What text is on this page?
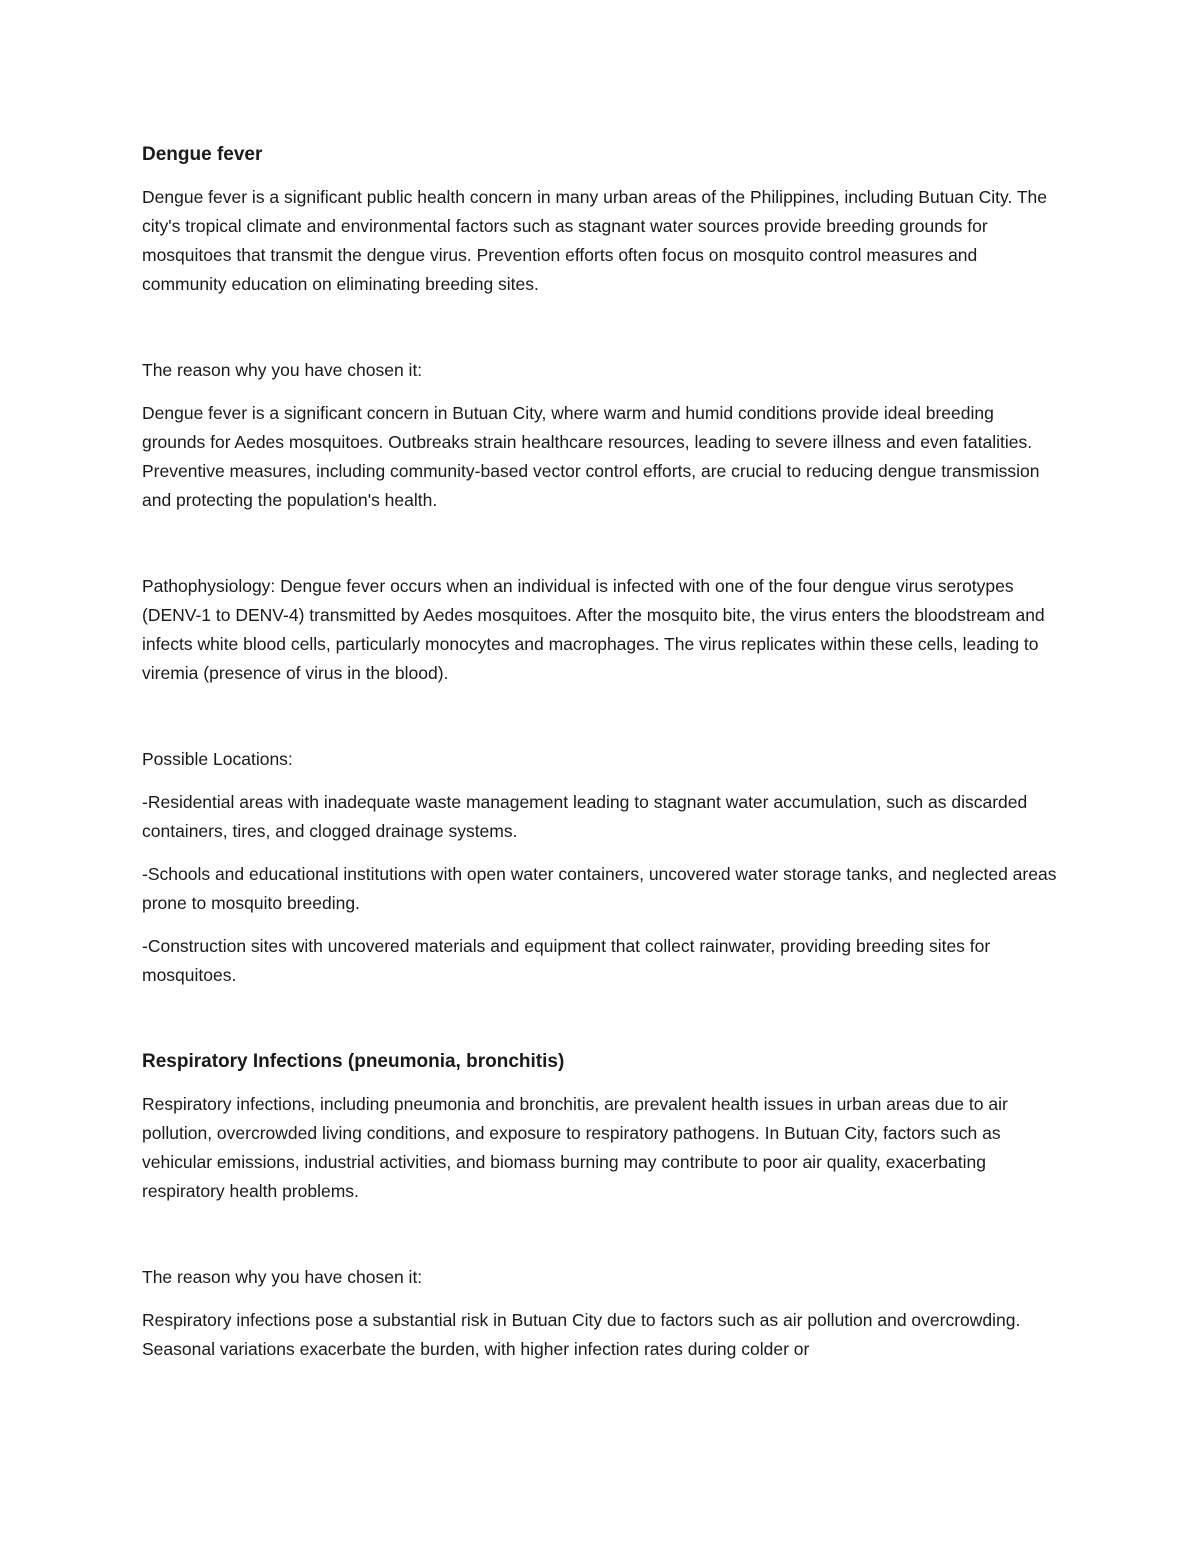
Dengue fever
Dengue fever is a significant public health concern in many urban areas of the Philippines, including Butuan City. The city's tropical climate and environmental factors such as stagnant water sources provide breeding grounds for mosquitoes that transmit the dengue virus. Prevention efforts often focus on mosquito control measures and community education on eliminating breeding sites.
The reason why you have chosen it:
Dengue fever is a significant concern in Butuan City, where warm and humid conditions provide ideal breeding grounds for Aedes mosquitoes. Outbreaks strain healthcare resources, leading to severe illness and even fatalities. Preventive measures, including community-based vector control efforts, are crucial to reducing dengue transmission and protecting the population's health.
Pathophysiology: Dengue fever occurs when an individual is infected with one of the four dengue virus serotypes (DENV-1 to DENV-4) transmitted by Aedes mosquitoes. After the mosquito bite, the virus enters the bloodstream and infects white blood cells, particularly monocytes and macrophages. The virus replicates within these cells, leading to viremia (presence of virus in the blood).
Possible Locations:
-Residential areas with inadequate waste management leading to stagnant water accumulation, such as discarded containers, tires, and clogged drainage systems.
-Schools and educational institutions with open water containers, uncovered water storage tanks, and neglected areas prone to mosquito breeding.
-Construction sites with uncovered materials and equipment that collect rainwater, providing breeding sites for mosquitoes.
Respiratory Infections (pneumonia, bronchitis)
Respiratory infections, including pneumonia and bronchitis, are prevalent health issues in urban areas due to air pollution, overcrowded living conditions, and exposure to respiratory pathogens. In Butuan City, factors such as vehicular emissions, industrial activities, and biomass burning may contribute to poor air quality, exacerbating respiratory health problems.
The reason why you have chosen it:
Respiratory infections pose a substantial risk in Butuan City due to factors such as air pollution and overcrowding. Seasonal variations exacerbate the burden, with higher infection rates during colder or
